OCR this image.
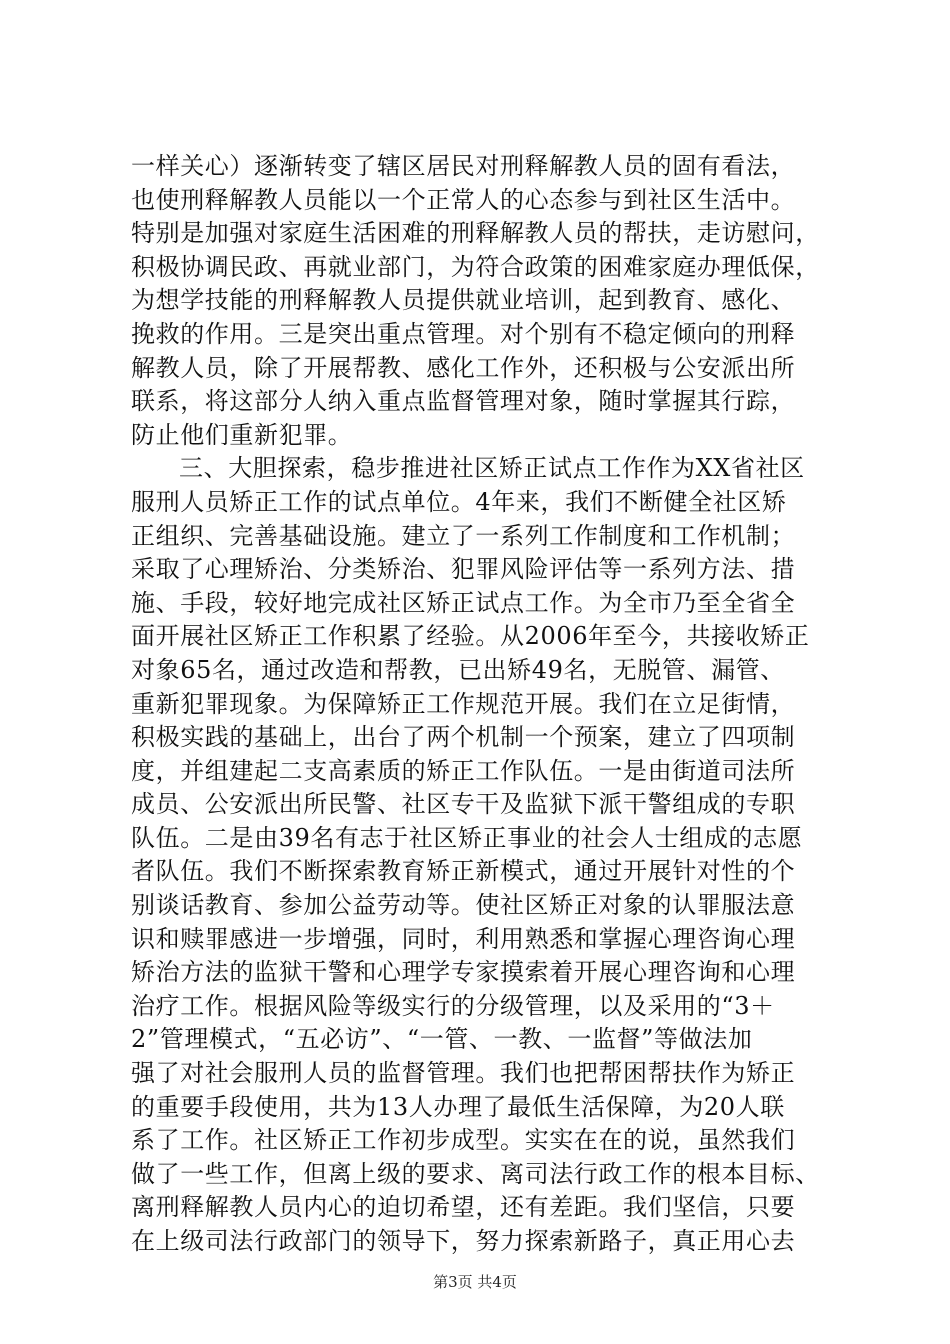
一样关心）逐渐转变了辖区居民对刑释解教人员的固有看法，
也使刑释解教人员能以一个正常人的心态参与到社区生活中。
特别是加强对家庭生活困难的刑释解教人员的帮扶，走访慰问，
积极协调民政、再就业部门，为符合政策的困难家庭办理低保，
为想学技能的刑释解教人员提供就业培训，起到教育、感化、
挽救的作用。三是突出重点管理。对个别有不稳定倾向的刑释
解教人员，除了开展帮教、感化工作外，还积极与公安派出所
联系，将这部分人纳入重点监督管理对象，随时掌握其行踪，
防止他们重新犯罪。
三、大胆探索，稳步推进社区矫正试点工作作为XX省社区
服刑人员矫正工作的试点单位。4年来，我们不断健全社区矫
正组织、完善基础设施。建立了一系列工作制度和工作机制；
采取了心理矫治、分类矫治、犯罪风险评估等一系列方法、措
施、手段，较好地完成社区矫正试点工作。为全市乃至全省全
面开展社区矫正工作积累了经验。从2006年至今，共接收矫正
对象65名，通过改造和帮教，已出矫49名，无脱管、漏管、
重新犯罪现象。为保障矫正工作规范开展。我们在立足街情，
积极实践的基础上，出台了两个机制一个预案，建立了四项制
度，并组建起二支高素质的矫正工作队伍。一是由街道司法所
成员、公安派出所民警、社区专干及监狱下派干警组成的专职
队伍。二是由39名有志于社区矫正事业的社会人士组成的志愿
者队伍。我们不断探索教育矫正新模式，通过开展针对性的个
别谈话教育、参加公益劳动等。使社区矫正对象的认罪服法意
识和赎罪感进一步增强，同时，利用熟悉和掌握心理咨询心理
矫治方法的监狱干警和心理学专家摸索着开展心理咨询和心理
治疗工作。根据风险等级实行的分级管理，以及采用的“3＋
2”管理模式，“五必访”、“一管、一教、一监督”等做法加
强了对社会服刑人员的监督管理。我们也把帮困帮扶作为矫正
的重要手段使用，共为13人办理了最低生活保障，为20人联
系了工作。社区矫正工作初步成型。实实在在的说，虽然我们
做了一些工作，但离上级的要求、离司法行政工作的根本目标、
离刑释解教人员内心的迫切希望，还有差距。我们坚信，只要
在上级司法行政部门的领导下，努力探索新路子，真正用心去
第3页 共4页
